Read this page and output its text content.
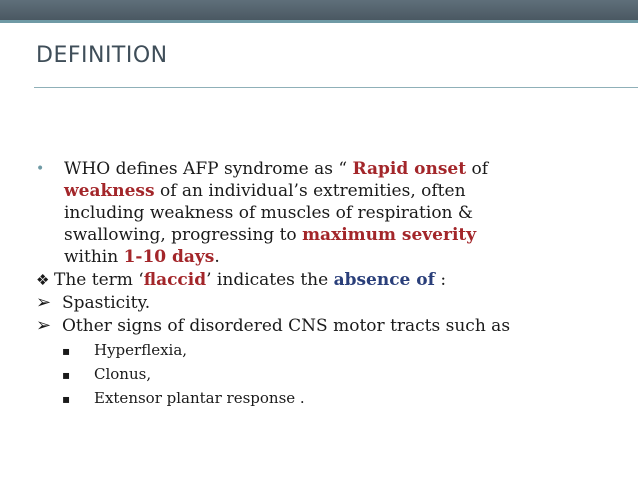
DEFINITION
• WHO defines AFP syndrome as “ Rapid onset of
weakness of an individual’s extremities, often
including weakness of muscles of respiration &
swallowing, progressing to maximum severity
within 1-10 days.
❖ The term ‘flaccid’ indicates the absence of :
➢ Spasticity.
➢ Other signs of disordered CNS motor tracts such as
▪ Hyperflexia,
▪ Clonus,
▪ Extensor plantar response .
